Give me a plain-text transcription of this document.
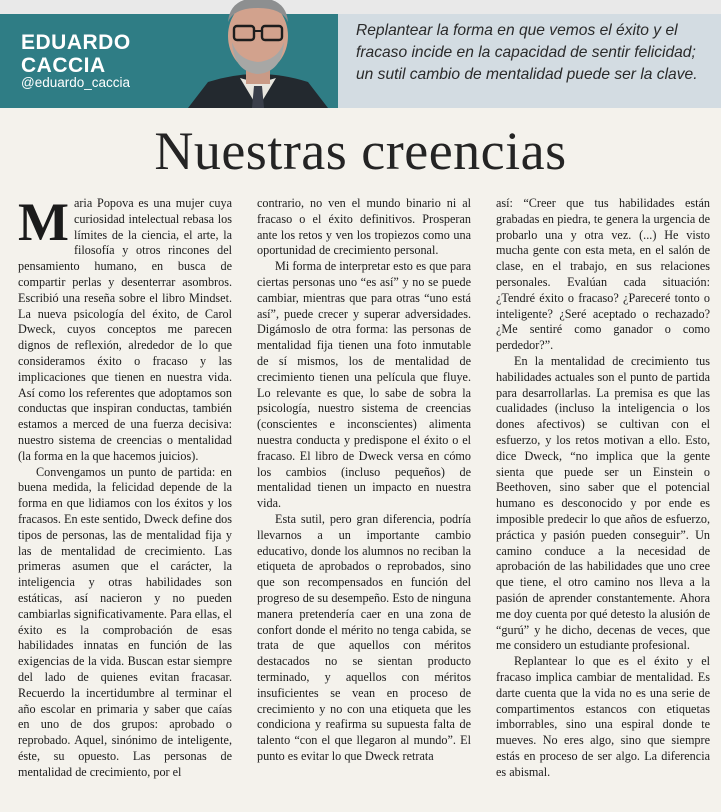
EDUARDO
CACCIA
@eduardo_caccia

Replantear la forma en que vemos el éxito y el fracaso incide en la capacidad de sentir felicidad; un sutil cambio de mentalidad puede ser la clave.

Nuestras creencias

Maria Popova es una mujer cuya curiosidad intelectual rebasa los límites de la ciencia, el arte, la filosofía y otros rincones del pensamiento humano, en busca de compartir perlas y desenterrar asombros. Escribió una reseña sobre el libro Mindset. La nueva psicología del éxito, de Carol Dweck, cuyos conceptos me parecen dignos de reflexión, alrededor de lo que consideramos éxito o fracaso y las implicaciones que tienen en nuestra vida. Así como los referentes que adoptamos son conductas que inspiran conductas, también estamos a merced de una fuerza decisiva: nuestro sistema de creencias o mentalidad (la forma en la que hacemos juicios).

Convengamos un punto de partida: en buena medida, la felicidad depende de la forma en que lidiamos con los éxitos y los fracasos. En este sentido, Dweck define dos tipos de personas, las de mentalidad fija y las de mentalidad de crecimiento. Las primeras asumen que el carácter, la inteligencia y otras habilidades son estáticas, así nacieron y no pueden cambiarlas significativamente. Para ellas, el éxito es la comprobación de esas habilidades innatas en función de las exigencias de la vida. Buscan estar siempre del lado de quienes evitan fracasar. Recuerdo la incertidumbre al terminar el año escolar en primaria y saber que caías en uno de dos grupos: aprobado o reprobado. Aquel, sinónimo de inteligente, éste, su opuesto. Las personas de mentalidad de crecimiento, por el

contrario, no ven el mundo binario ni al fracaso o el éxito definitivos. Prosperan ante los retos y ven los tropiezos como una oportunidad de crecimiento personal.

Mi forma de interpretar esto es que para ciertas personas uno “es así” y no se puede cambiar, mientras que para otras “uno está así”, puede crecer y superar adversidades. Digámoslo de otra forma: las personas de mentalidad fija tienen una foto inmutable de sí mismos, los de mentalidad de crecimiento tienen una película que fluye. Lo relevante es que, lo sabe de sobra la psicología, nuestro sistema de creencias (conscientes e inconscientes) alimenta nuestra conducta y predispone el éxito o el fracaso. El libro de Dweck versa en cómo los cambios (incluso pequeños) de mentalidad tienen un impacto en nuestra vida.

Esta sutil, pero gran diferencia, podría llevarnos a un importante cambio educativo, donde los alumnos no reciban la etiqueta de aprobados o reprobados, sino que son recompensados en función del progreso de su desempeño. Esto de ninguna manera pretendería caer en una zona de confort donde el mérito no tenga cabida, se trata de que aquellos con méritos destacados no se sientan producto terminado, y aquellos con méritos insuficientes se vean en proceso de crecimiento y no con una etiqueta que les condiciona y reafirma su supuesta falta de talento “con el que llegaron al mundo”. El punto es evitar lo que Dweck retrata

así: “Creer que tus habilidades están grabadas en piedra, te genera la urgencia de probarlo una y otra vez. (...) He visto mucha gente con esta meta, en el salón de clase, en el trabajo, en sus relaciones personales. Evalúan cada situación: ¿Tendré éxito o fracaso? ¿Pareceré tonto o inteligente? ¿Seré aceptado o rechazado? ¿Me sentiré como ganador o como perdedor?”.

En la mentalidad de crecimiento tus habilidades actuales son el punto de partida para desarrollarlas. La premisa es que las cualidades (incluso la inteligencia o los dones afectivos) se cultivan con el esfuerzo, y los retos motivan a ello. Esto, dice Dweck, “no implica que la gente sienta que puede ser un Einstein o Beethoven, sino saber que el potencial humano es desconocido y por ende es imposible predecir lo que años de esfuerzo, práctica y pasión pueden conseguir”. Un camino conduce a la necesidad de aprobación de las habilidades que uno cree que tiene, el otro camino nos lleva a la pasión de aprender constantemente. Ahora me doy cuenta por qué detesto la alusión de “gurú” y he dicho, decenas de veces, que me considero un estudiante profesional.

Replantear lo que es el éxito y el fracaso implica cambiar de mentalidad. Es darte cuenta que la vida no es una serie de compartimentos estancos con etiquetas imborrables, sino una espiral donde te mueves. No eres algo, sino que siempre estás en proceso de ser algo. La diferencia es abismal.
